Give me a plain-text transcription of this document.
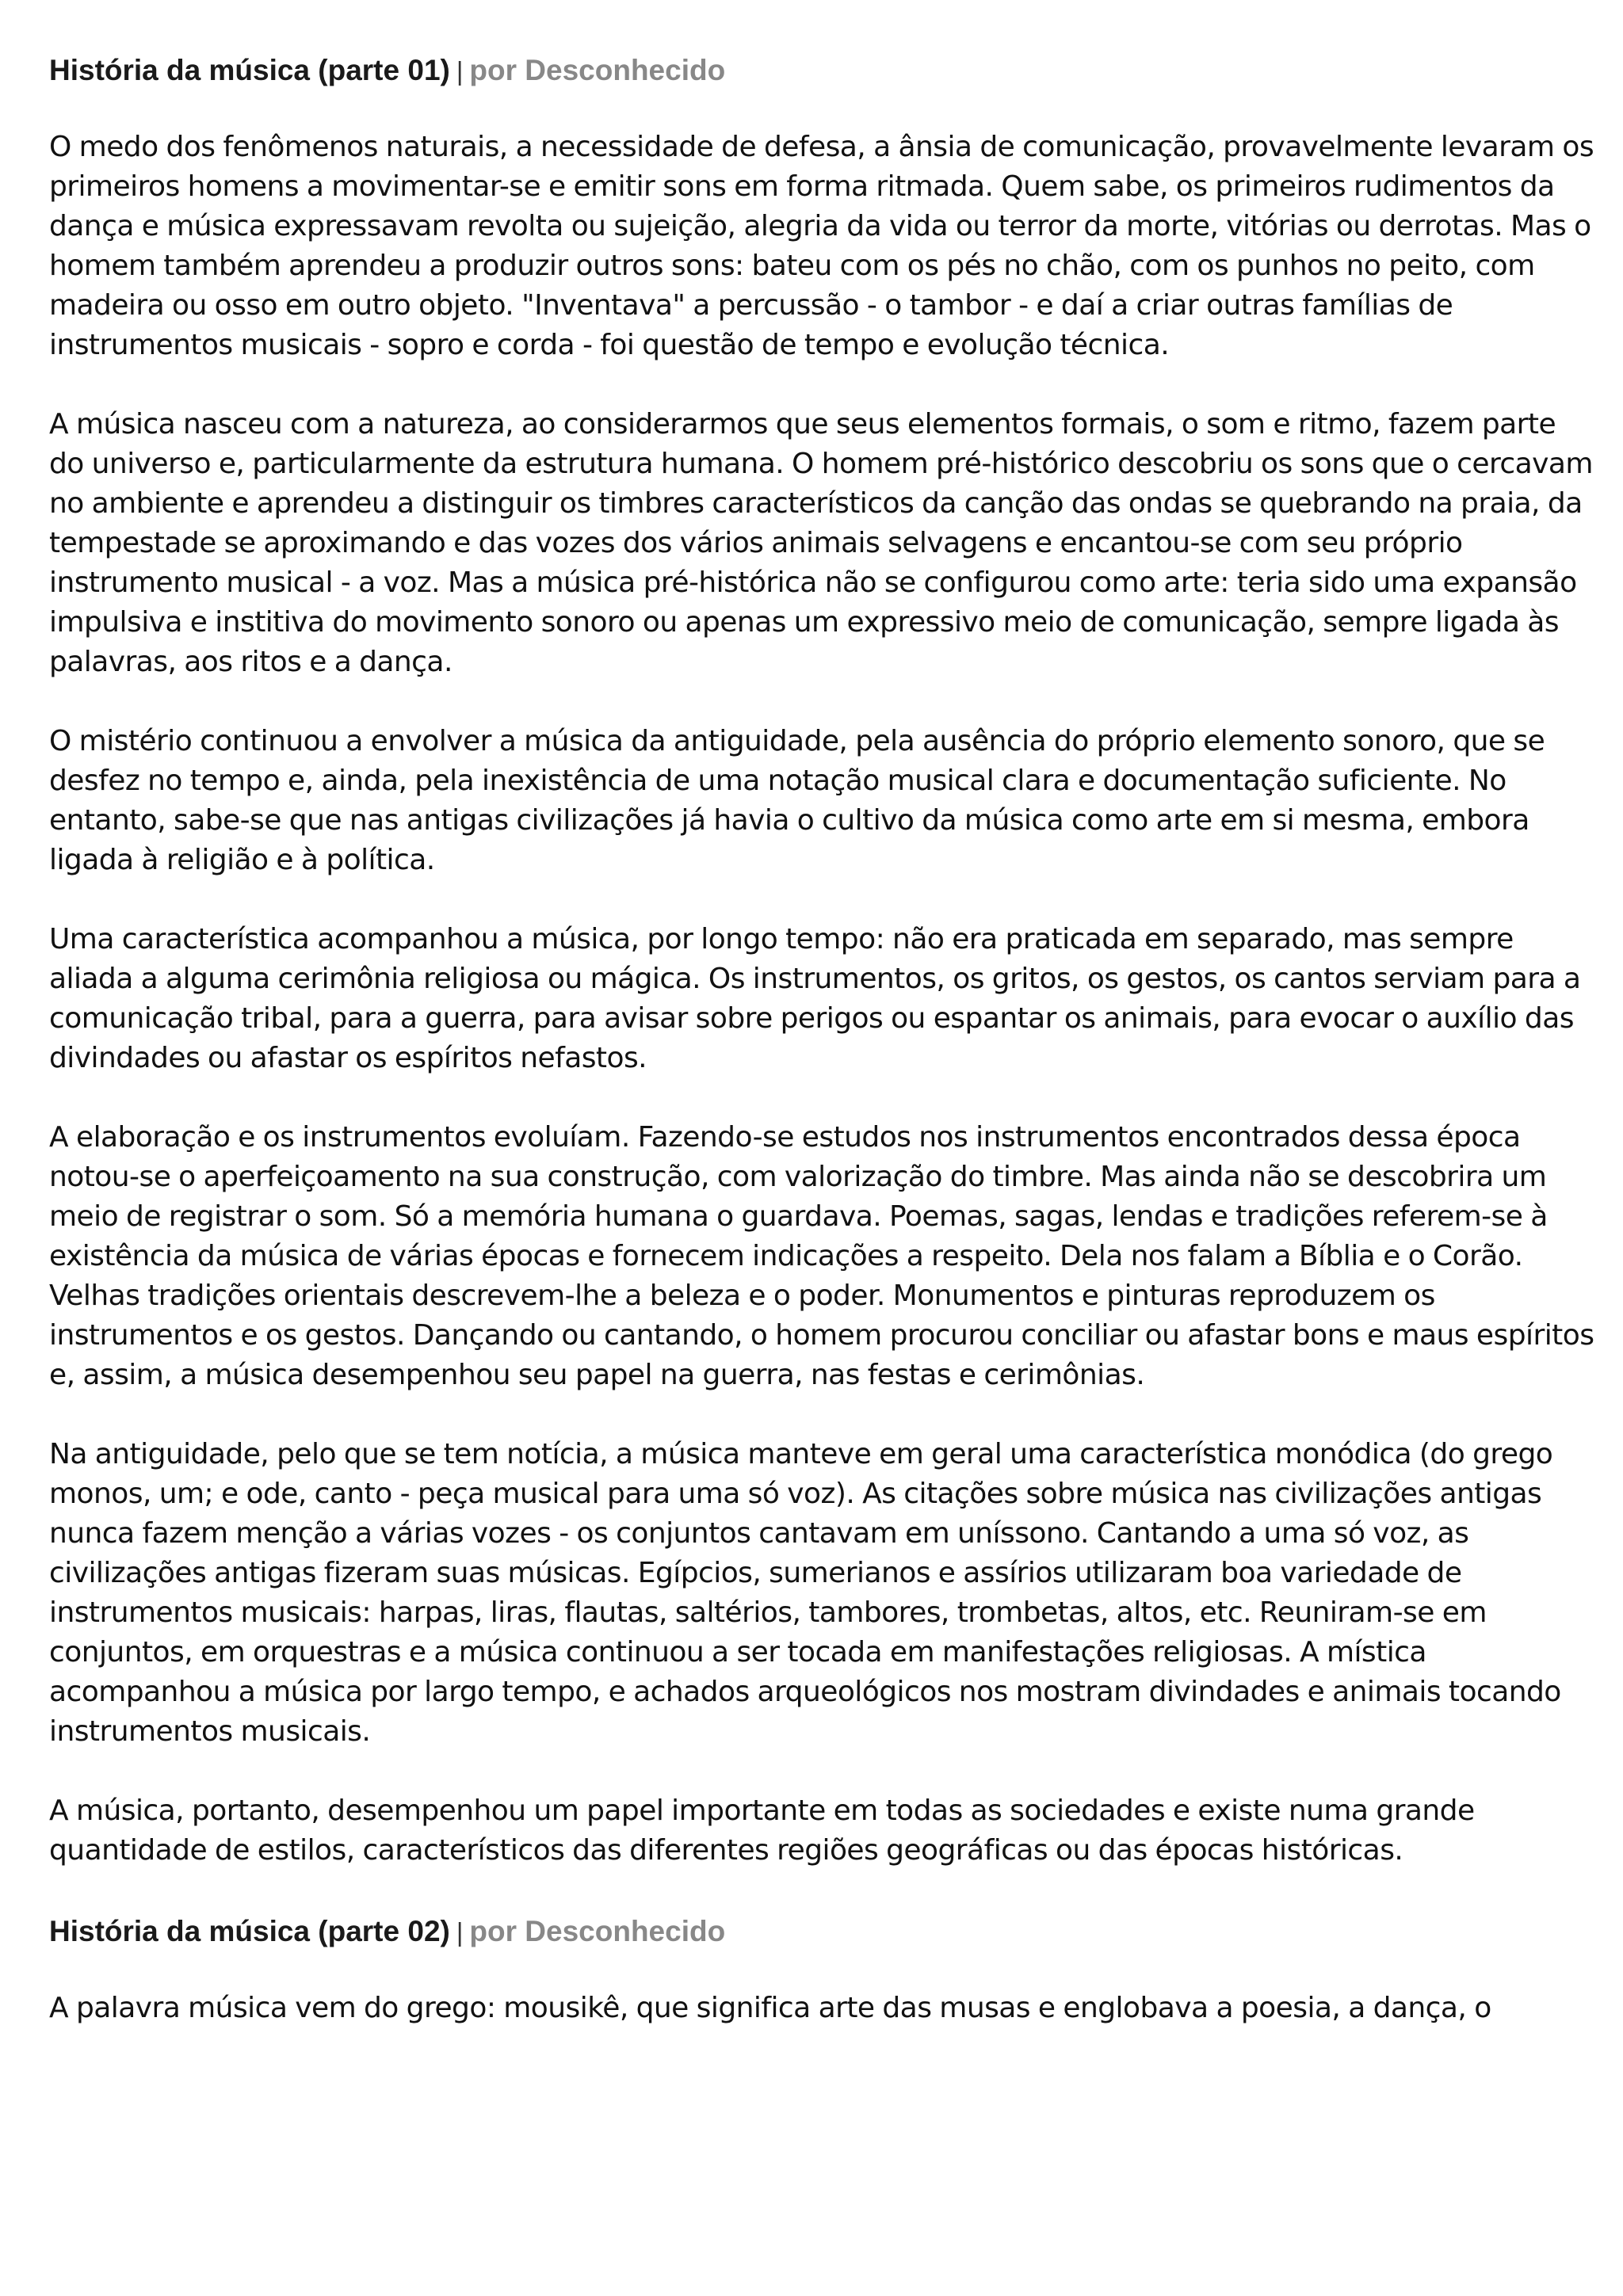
História da música (parte 01) | por Desconhecido

O medo dos fenômenos naturais, a necessidade de defesa, a ânsia de comunicação, provavelmente levaram os primeiros homens a movimentar-se e emitir sons em forma ritmada. Quem sabe, os primeiros rudimentos da dança e música expressavam revolta ou sujeição, alegria da vida ou terror da morte, vitórias ou derrotas. Mas o homem também aprendeu a produzir outros sons: bateu com os pés no chão, com os punhos no peito, com madeira ou osso em outro objeto. "Inventava" a percussão - o tambor - e daí a criar outras famílias de instrumentos musicais - sopro e corda - foi questão de tempo e evolução técnica.

A música nasceu com a natureza, ao considerarmos que seus elementos formais, o som e ritmo, fazem parte do universo e, particularmente da estrutura humana. O homem pré-histórico descobriu os sons que o cercavam no ambiente e aprendeu a distinguir os timbres característicos da canção das ondas se quebrando na praia, da tempestade se aproximando e das vozes dos vários animais selvagens e encantou-se com seu próprio instrumento musical - a voz. Mas a música pré-histórica não se configurou como arte: teria sido uma expansão impulsiva e institiva do movimento sonoro ou apenas um expressivo meio de comunicação, sempre ligada às palavras, aos ritos e a dança.

O mistério continuou a envolver a música da antiguidade, pela ausência do próprio elemento sonoro, que se desfez no tempo e, ainda, pela inexistência de uma notação musical clara e documentação suficiente. No entanto, sabe-se que nas antigas civilizações já havia o cultivo da música como arte em si mesma, embora ligada à religião e à política.

Uma característica acompanhou a música, por longo tempo: não era praticada em separado, mas sempre aliada a alguma cerimônia religiosa ou mágica. Os instrumentos, os gritos, os gestos, os cantos serviam para a comunicação tribal, para a guerra, para avisar sobre perigos ou espantar os animais, para evocar o auxílio das divindades ou afastar os espíritos nefastos.

A elaboração e os instrumentos evoluíam. Fazendo-se estudos nos instrumentos encontrados dessa época notou-se o aperfeiçoamento na sua construção, com valorização do timbre. Mas ainda não se descobrira um meio de registrar o som. Só a memória humana o guardava. Poemas, sagas, lendas e tradições referem-se à existência da música de várias épocas e fornecem indicações a respeito. Dela nos falam a Bíblia e o Corão. Velhas tradições orientais descrevem-lhe a beleza e o poder. Monumentos e pinturas reproduzem os instrumentos e os gestos. Dançando ou cantando, o homem procurou conciliar ou afastar bons e maus espíritos e, assim, a música desempenhou seu papel na guerra, nas festas e cerimônias.

Na antiguidade, pelo que se tem notícia, a música manteve em geral uma característica monódica (do grego monos, um; e ode, canto - peça musical para uma só voz). As citações sobre música nas civilizações antigas nunca fazem menção a várias vozes - os conjuntos cantavam em uníssono. Cantando a uma só voz, as civilizações antigas fizeram suas músicas. Egípcios, sumerianos e assírios utilizaram boa variedade de instrumentos musicais: harpas, liras, flautas, saltérios, tambores, trombetas, altos, etc. Reuniram-se em conjuntos, em orquestras e a música continuou a ser tocada em manifestações religiosas. A mística acompanhou a música por largo tempo, e achados arqueológicos nos mostram divindades e animais tocando instrumentos musicais.

A música, portanto, desempenhou um papel importante em todas as sociedades e existe numa grande quantidade de estilos, característicos das diferentes regiões geográficas ou das épocas históricas.

História da música (parte 02) | por Desconhecido

A palavra música vem do grego: mousikê, que significa arte das musas e englobava a poesia, a dança, o
